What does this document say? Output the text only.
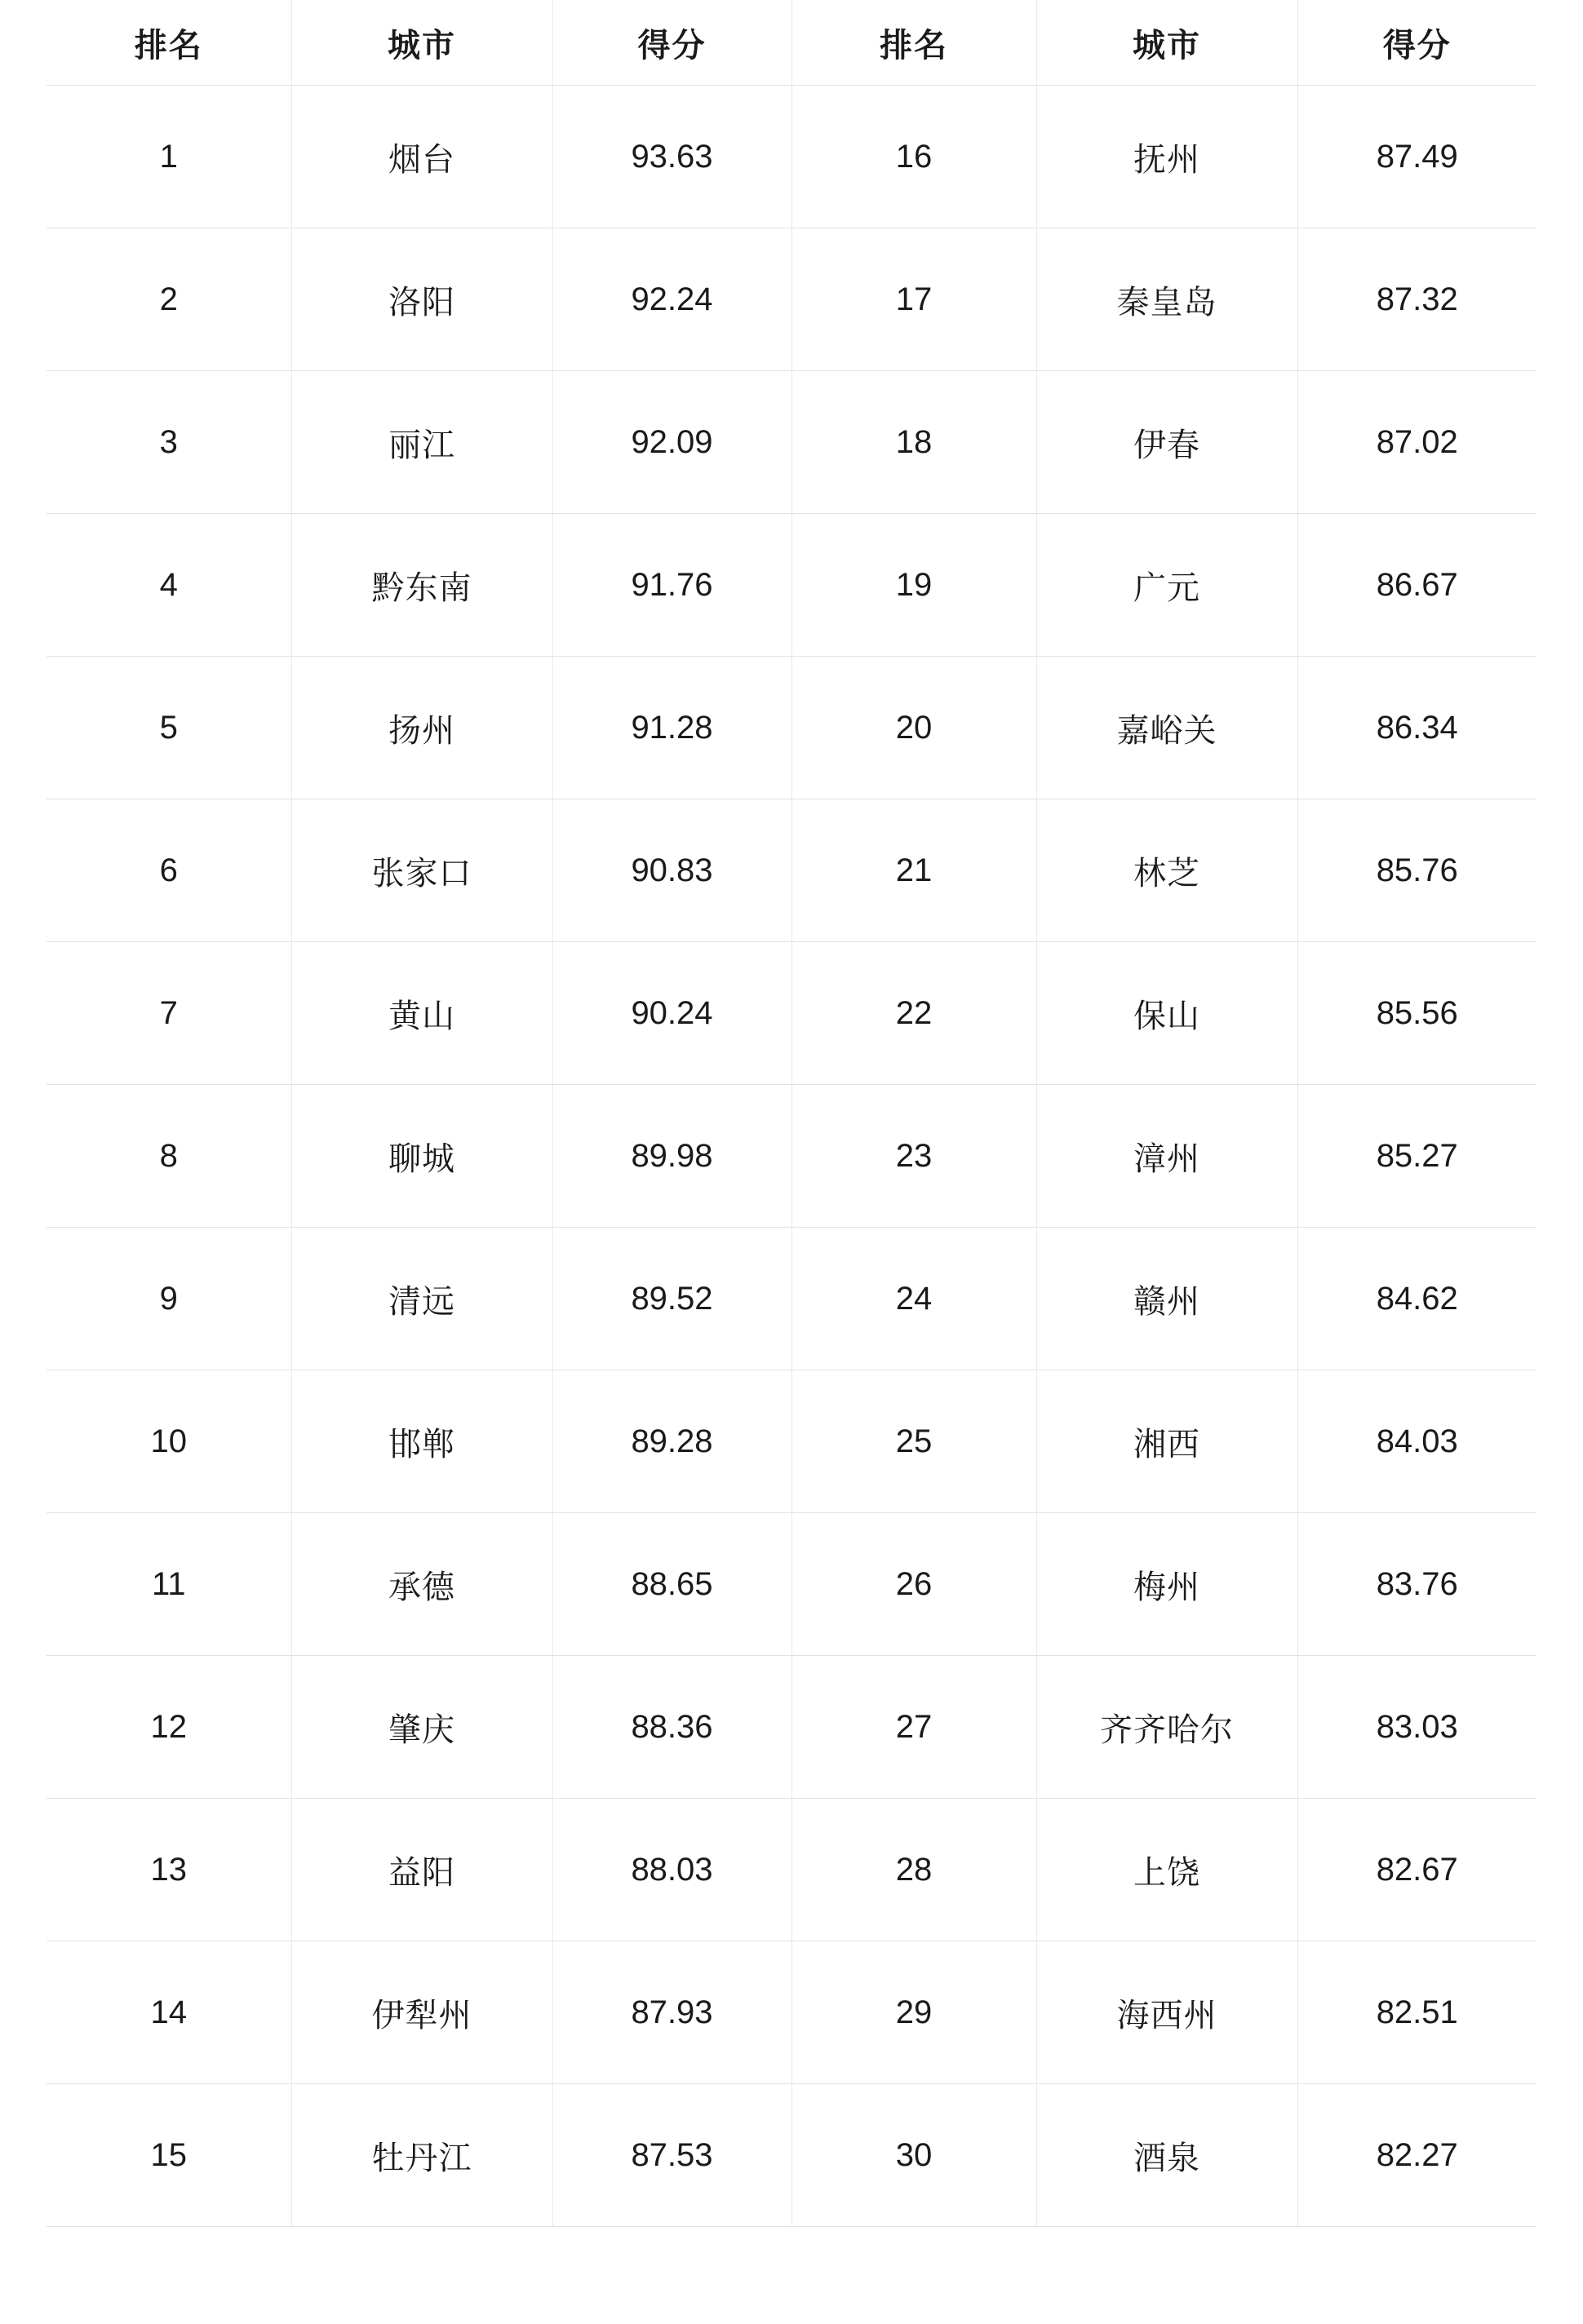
排名	城市	得分	排名	城市	得分
1	烟台	93.63	16	抚州	87.49
2	洛阳	92.24	17	秦皇岛	87.32
3	丽江	92.09	18	伊春	87.02
4	黔东南	91.76	19	广元	86.67
5	扬州	91.28	20	嘉峪关	86.34
6	张家口	90.83	21	林芝	85.76
7	黄山	90.24	22	保山	85.56
8	聊城	89.98	23	漳州	85.27
9	清远	89.52	24	赣州	84.62
10	邯郸	89.28	25	湘西	84.03
11	承德	88.65	26	梅州	83.76
12	肇庆	88.36	27	齐齐哈尔	83.03
13	益阳	88.03	28	上饶	82.67
14	伊犁州	87.93	29	海西州	82.51
15	牡丹江	87.53	30	酒泉	82.27
